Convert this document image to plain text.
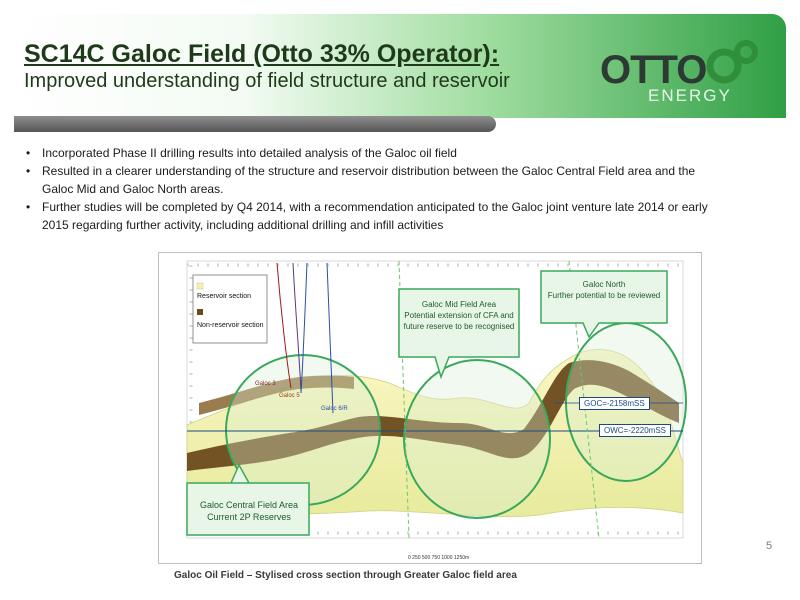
SC14C Galoc Field (Otto 33% Operator):
Improved understanding of field structure and reservoir OTTO
ENERGY
• Incorporated Phase II drilling results into detailed analysis of the Galoc oil field
• Resulted in a clearer understanding of the structure and reservoir distribution between the Galoc Central Field area and the Galoc Mid and Galoc North areas.
• Further studies will be completed by Q4 2014, with a recommendation anticipated to the Galoc joint venture late 2014 or early 2015 regarding further activity, including additional drilling and infill activities
Reservoir section
Non-reservoir section
Galoc 3
Galoc 5
Galoc 6/R
Galoc Central Field Area
Current 2P Reserves
Galoc Mid Field Area
Potential extension of CFA and future reserve to be recognised
Galoc North
Further potential to be reviewed
GOC=-2158mSS
OWC=-2220mSS
0 250 500 750 1000 1250m
5
Galoc Oil Field – Stylised cross section through Greater Galoc field area
